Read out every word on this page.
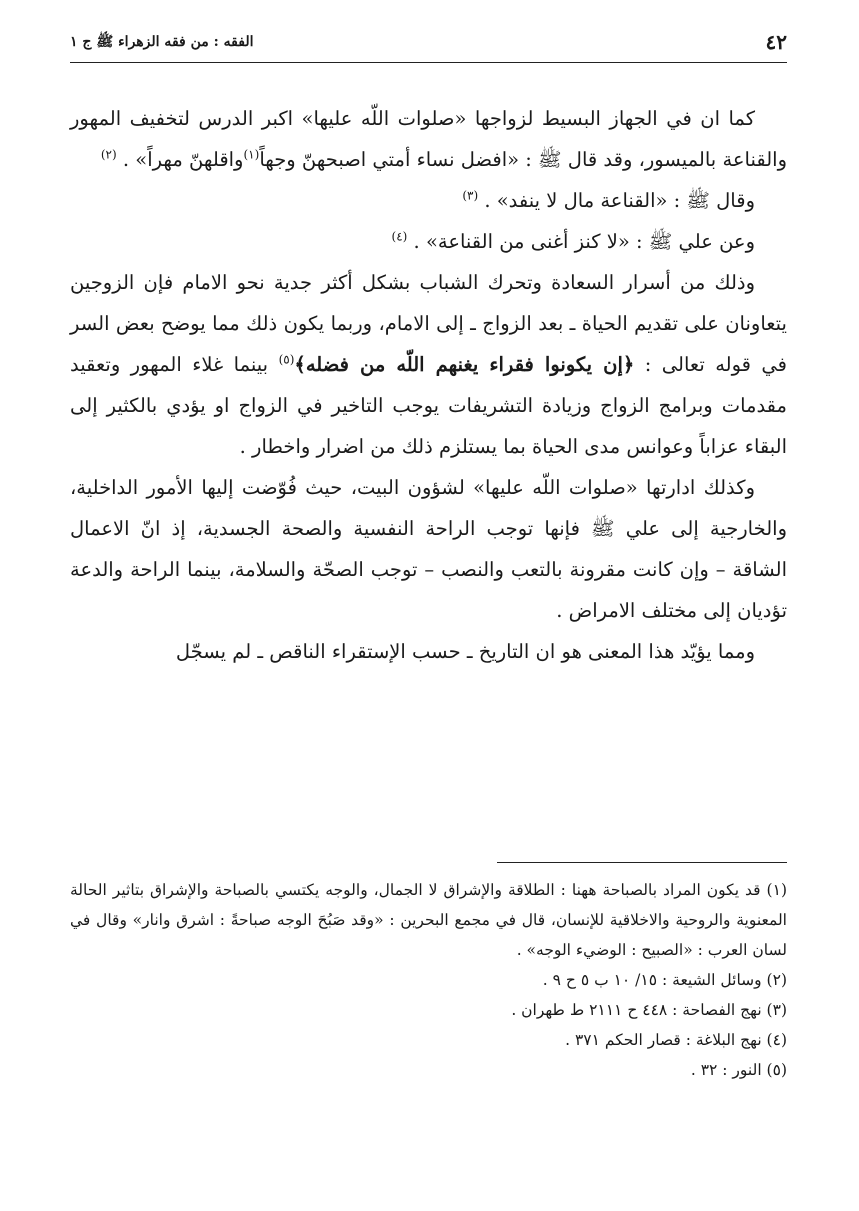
٤٢
الفقه : من فقه الزهراء ﷺ ج ١

كما ان في الجهاز البسيط لزواجها «صلوات اللّه عليها» اكبر الدرس لتخفيف المهور والقناعة بالميسور، وقد قال ﷺ : «افضل نساء أمتي اصبحهنّ وجهاً$^{(١)}$واقلهنّ مهراً» . $^{(٢)}$

وقال ﷺ : «القناعة مال لا ينفد» . $^{(٣)}$

وعن علي ﷺ : «لا كنز أغنى من القناعة» . $^{(٤)}$

وذلك من أسرار السعادة وتحرك الشباب بشكل أكثر جدية نحو الامام فإن الزوجين يتعاونان على تقديم الحياة ـ بعد الزواج ـ إلى الامام، وربما يكون ذلك مما يوضح بعض السر في قوله تعالى : ﴿إن يكونوا فقراء يغنهم اللّه من فضله﴾$^{(٥)}$ بينما غلاء المهور وتعقيد مقدمات وبرامج الزواج وزيادة التشريفات يوجب التاخير في الزواج او يؤدي بالكثير إلى البقاء عزاباً وعوانس مدى الحياة بما يستلزم ذلك من اضرار واخطار .

وكذلك ادارتها «صلوات اللّه عليها» لشؤون البيت، حيث فُوّضت إليها الأمور الداخلية، والخارجية إلى علي ﷺ فإنها توجب الراحة النفسية والصحة الجسدية، إذ انّ الاعمال الشاقة – وإن كانت مقرونة بالتعب والنصب – توجب الصحّة والسلامة، بينما الراحة والدعة تؤديان إلى مختلف الامراض .

ومما يؤيّد هذا المعنى هو ان التاريخ ـ حسب الإستقراء الناقص ـ لم يسجّل

(١) قد يكون المراد بالصباحة ههنا : الطلاقة والإشراق لا الجمال، والوجه يكتسي بالصباحة والإشراق بتاثير الحالة المعنوية والروحية والاخلاقية للإنسان، قال في مجمع البحرين : «وقد صَبُحَ الوجه صباحةً : اشرق وانار» وقال في لسان العرب : «الصبيح : الوضيء الوجه» .

(٢) وسائل الشيعة : ١٥/ ١٠ ب ٥ ح ٩ .

(٣) نهج الفصاحة : ٤٤٨ ح ٢١١١ ط طهران .

(٤) نهج البلاغة : قصار الحكم ٣٧١ .

(٥) النور : ٣٢ .
